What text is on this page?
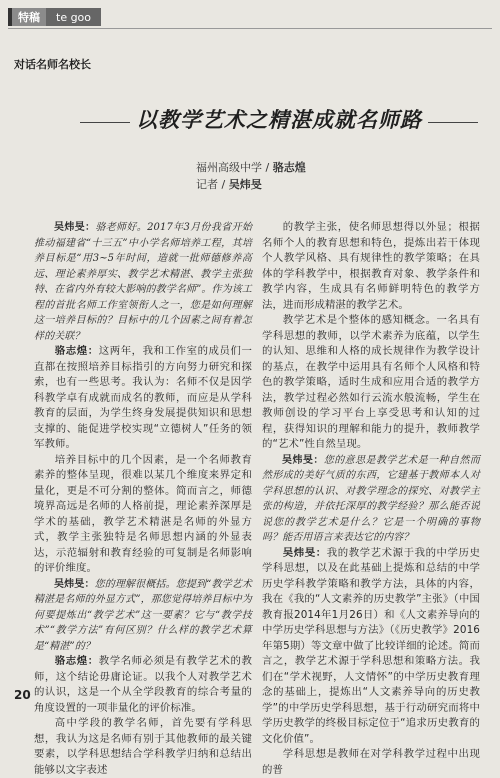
特稿	te goo
对话名师名校长
以教学艺术之精湛成就名师路
福州高级中学 / 骆志煌
记者 / 吴炜旻

吴炜旻：骆老师好。2017年3月份我省开始推动福建省“十三五”中小学名师培养工程，其培养目标是“用3~5年时间，造就一批师德修养高远、理论素养厚实、教学艺术精湛、教学主张独特、在省内外有较大影响的教学名师”。作为该工程的首批名师工作室领衔人之一，您是如何理解这一培养目标的？目标中的几个因素之间有着怎样的关联？

骆志煌：这两年，我和工作室的成员们一直都在按照培养目标指引的方向努力研究和探索，也有一些思考。我认为：名师不仅是因学科教学卓有成就而成名的教师，而应是从学科教育的层面，为学生终身发展提供知识和思想支撑的、能促进学校实现“立德树人”任务的领军教师。

培养目标中的几个因素，是一个名师教育素养的整体呈现，很难以某几个维度来界定和量化，更是不可分割的整体。简而言之，师德境界高远是名师的人格前提，理论素养深厚是学术的基础，教学艺术精湛是名师的外显方式，教学主张独特是名师思想内涵的外显表达，示范辐射和教育经验的可复制是名师影响的评价维度。

吴炜旻：您的理解很概括。您提到“教学艺术精湛是名师的外显方式”，那您觉得培养目标中为何要提炼出“教学艺术”这一要素？它与“教学技术”“教学方法”有何区别？什么样的教学艺术算是“精湛”的？

骆志煌：教学名师必须是有教学艺术的教师，这个结论毋庸论证。以我个人对教学艺术的认识，这是一个从全学段教育的综合考量的角度设置的一项非量化的评价标准。

高中学段的教学名师，首先要有学科思想，我认为这是名师有别于其他教师的最关键要素，以学科思想结合学科教学归纳和总结出能够以文字表述

的教学主张，使名师思想得以外显；根据名师个人的教育思想和特色，提炼出若干体现个人教学风格、具有规律性的教学策略；在具体的学科教学中，根据教育对象、教学条件和教学内容，生成具有名师鲜明特色的教学方法，进而形成精湛的教学艺术。

教学艺术是个整体的感知概念。一名具有学科思想的教师，以学术素养为底蕴，以学生的认知、思维和人格的成长规律作为教学设计的基点，在教学中运用具有名师个人风格和特色的教学策略，适时生成和应用合适的教学方法，教学过程必然如行云流水般流畅，学生在教师创设的学习平台上享受思考和认知的过程，获得知识的理解和能力的提升，教师教学的“艺术”性自然呈现。

吴炜旻：您的意思是教学艺术是一种自然而然形成的美好气质的东西，它建基于教师本人对学科思想的认识、对教学理念的探究、对教学主张的构造，并依托深厚的教学经验？那么能否说说您的教学艺术是什么？它是一个明确的事物吗？能否用语言来表达它的内容？

吴炜旻：我的教学艺术源于我的中学历史学科思想，以及在此基础上提炼和总结的中学历史学科教学策略和教学方法，具体的内容，我在《我的“人文素养的历史教学”主张》（中国教育报2014年1月26日）和《人文素养导向的中学历史学科思想与方法》（《历史教学》2016年第5期）等文章中做了比较详细的论述。简而言之，教学艺术源于学科思想和策略方法。我们在“学术视野，人文情怀”的中学历史教育理念的基础上，提炼出“人文素养导向的历史教学”的中学历史学科思想，基于行动研究而将中学历史教学的终极目标定位于“追求历史教育的文化价值”。

学科思想是教师在对学科教学过程中出现的普

20
